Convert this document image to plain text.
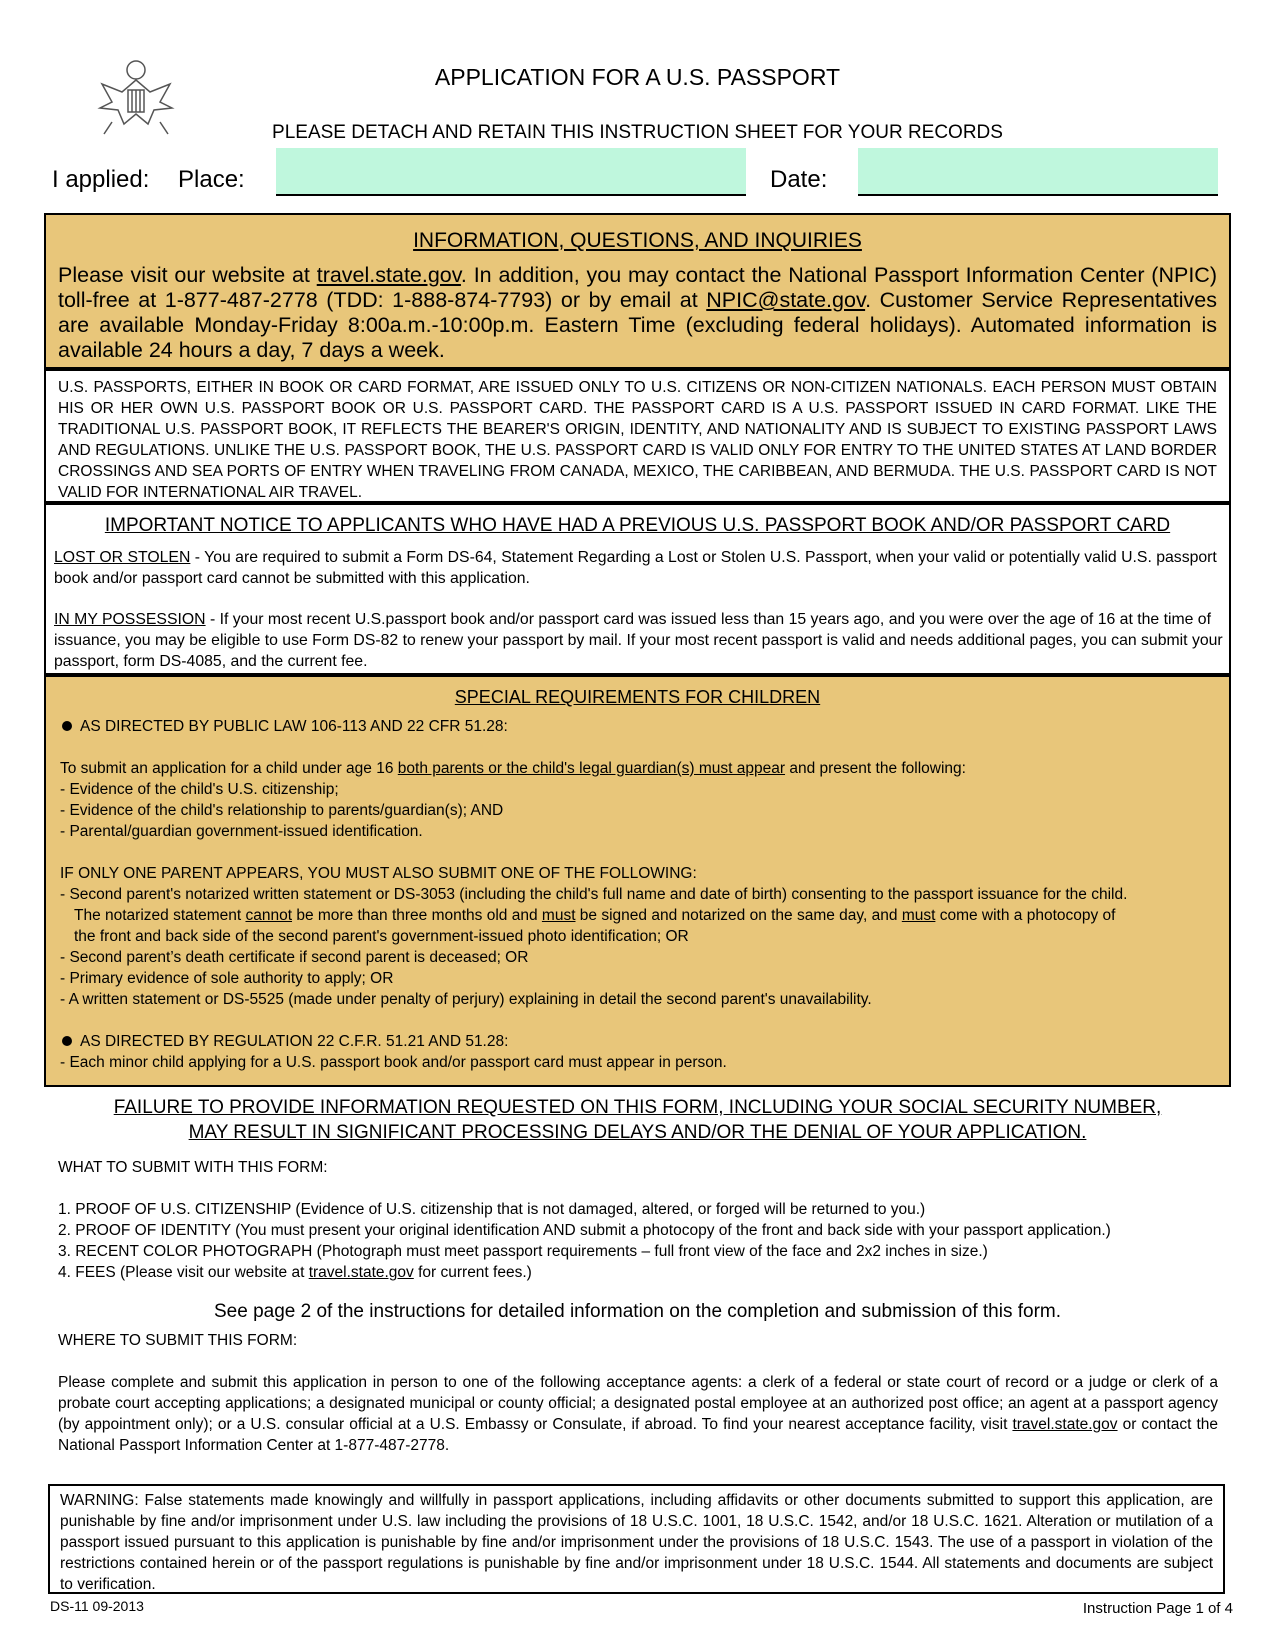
APPLICATION FOR A U.S. PASSPORT
PLEASE DETACH AND RETAIN THIS INSTRUCTION SHEET FOR YOUR RECORDS
I applied: Place:	Date:
INFORMATION, QUESTIONS, AND INQUIRIES
Please visit our website at travel.state.gov. In addition, you may contact the National Passport Information Center (NPIC) toll-free at 1-877-487-2778 (TDD: 1-888-874-7793) or by email at NPIC@state.gov. Customer Service Representatives are available Monday-Friday 8:00a.m.-10:00p.m. Eastern Time (excluding federal holidays). Automated information is available 24 hours a day, 7 days a week.
U.S. PASSPORTS, EITHER IN BOOK OR CARD FORMAT, ARE ISSUED ONLY TO U.S. CITIZENS OR NON-CITIZEN NATIONALS. EACH PERSON MUST OBTAIN HIS OR HER OWN U.S. PASSPORT BOOK OR U.S. PASSPORT CARD. THE PASSPORT CARD IS A U.S. PASSPORT ISSUED IN CARD FORMAT. LIKE THE TRADITIONAL U.S. PASSPORT BOOK, IT REFLECTS THE BEARER'S ORIGIN, IDENTITY, AND NATIONALITY AND IS SUBJECT TO EXISTING PASSPORT LAWS AND REGULATIONS. UNLIKE THE U.S. PASSPORT BOOK, THE U.S. PASSPORT CARD IS VALID ONLY FOR ENTRY TO THE UNITED STATES AT LAND BORDER CROSSINGS AND SEA PORTS OF ENTRY WHEN TRAVELING FROM CANADA, MEXICO, THE CARIBBEAN, AND BERMUDA. THE U.S. PASSPORT CARD IS NOT VALID FOR INTERNATIONAL AIR TRAVEL.
IMPORTANT NOTICE TO APPLICANTS WHO HAVE HAD A PREVIOUS U.S. PASSPORT BOOK AND/OR PASSPORT CARD
LOST OR STOLEN - You are required to submit a Form DS-64, Statement Regarding a Lost or Stolen U.S. Passport, when your valid or potentially valid U.S. passport book and/or passport card cannot be submitted with this application.
IN MY POSSESSION - If your most recent U.S.passport book and/or passport card was issued less than 15 years ago, and you were over the age of 16 at the time of issuance, you may be eligible to use Form DS-82 to renew your passport by mail. If your most recent passport is valid and needs additional pages, you can submit your passport, form DS-4085, and the current fee.
SPECIAL REQUIREMENTS FOR CHILDREN
AS DIRECTED BY PUBLIC LAW 106-113 AND 22 CFR 51.28:
To submit an application for a child under age 16 both parents or the child's legal guardian(s) must appear and present the following:
- Evidence of the child's U.S. citizenship;
- Evidence of the child's relationship to parents/guardian(s); AND
- Parental/guardian government-issued identification.
IF ONLY ONE PARENT APPEARS, YOU MUST ALSO SUBMIT ONE OF THE FOLLOWING:
- Second parent's notarized written statement or DS-3053 (including the child's full name and date of birth) consenting to the passport issuance for the child.
The notarized statement cannot be more than three months old and must be signed and notarized on the same day, and must come with a photocopy of
the front and back side of the second parent's government-issued photo identification; OR
- Second parent’s death certificate if second parent is deceased; OR
- Primary evidence of sole authority to apply; OR
- A written statement or DS-5525 (made under penalty of perjury) explaining in detail the second parent's unavailability.
AS DIRECTED BY REGULATION 22 C.F.R. 51.21 AND 51.28:
- Each minor child applying for a U.S. passport book and/or passport card must appear in person.
FAILURE TO PROVIDE INFORMATION REQUESTED ON THIS FORM, INCLUDING YOUR SOCIAL SECURITY NUMBER,
MAY RESULT IN SIGNIFICANT PROCESSING DELAYS AND/OR THE DENIAL OF YOUR APPLICATION.
WHAT TO SUBMIT WITH THIS FORM:
1. PROOF OF U.S. CITIZENSHIP (Evidence of U.S. citizenship that is not damaged, altered, or forged will be returned to you.)
2. PROOF OF IDENTITY (You must present your original identification AND submit a photocopy of the front and back side with your passport application.)
3. RECENT COLOR PHOTOGRAPH (Photograph must meet passport requirements – full front view of the face and 2x2 inches in size.)
4. FEES (Please visit our website at travel.state.gov for current fees.)
See page 2 of the instructions for detailed information on the completion and submission of this form.
WHERE TO SUBMIT THIS FORM:
Please complete and submit this application in person to one of the following acceptance agents: a clerk of a federal or state court of record or a judge or clerk of a probate court accepting applications; a designated municipal or county official; a designated postal employee at an authorized post office; an agent at a passport agency (by appointment only); or a U.S. consular official at a U.S. Embassy or Consulate, if abroad. To find your nearest acceptance facility, visit travel.state.gov or contact the National Passport Information Center at 1-877-487-2778.
WARNING: False statements made knowingly and willfully in passport applications, including affidavits or other documents submitted to support this application, are punishable by fine and/or imprisonment under U.S. law including the provisions of 18 U.S.C. 1001, 18 U.S.C. 1542, and/or 18 U.S.C. 1621. Alteration or mutilation of a passport issued pursuant to this application is punishable by fine and/or imprisonment under the provisions of 18 U.S.C. 1543. The use of a passport in violation of the restrictions contained herein or of the passport regulations is punishable by fine and/or imprisonment under 18 U.S.C. 1544. All statements and documents are subject to verification.
DS-11 09-2013	Instruction Page 1 of 4
